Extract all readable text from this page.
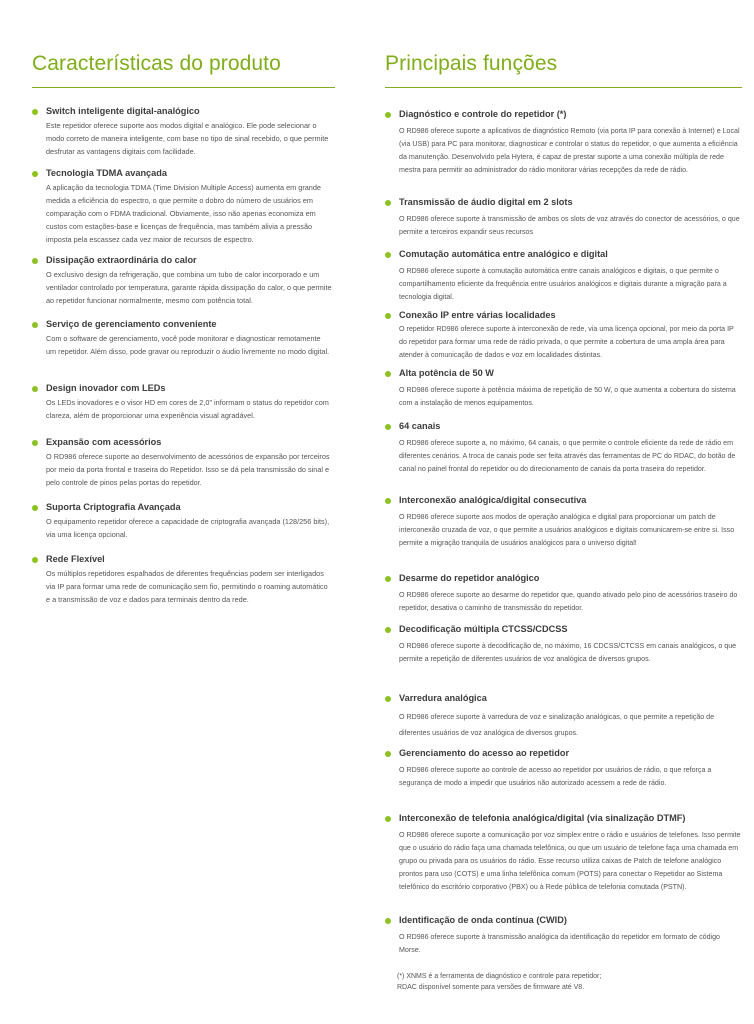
Características do produto
Switch inteligente digital-analógico
Este repetidor oferece suporte aos modos digital e analógico. Ele pode selecionar o modo correto de maneira inteligente, com base no tipo de sinal recebido, o que permite desfrutar as vantagens digitais com facilidade.
Tecnologia TDMA avançada
A aplicação da tecnologia TDMA (Time Division Multiple Access) aumenta em grande medida a eficiência do espectro, o que permite o dobro do número de usuários em comparação com o FDMA tradicional. Obviamente, isso não apenas economiza em custos com estações-base e licenças de frequência, mas também alivia a pressão imposta pela escassez cada vez maior de recursos de espectro.
Dissipação extraordinária do calor
O exclusivo design da refrigeração, que combina um tubo de calor incorporado e um ventilador controlado por temperatura, garante rápida dissipação do calor, o que permite ao repetidor funcionar normalmente, mesmo com potência total.
Serviço de gerenciamento conveniente
Com o software de gerenciamento, você pode monitorar e diagnosticar remotamente um repetidor. Além disso, pode gravar ou reproduzir o áudio livremente no modo digital.
Design inovador com LEDs
Os LEDs inovadores e o visor HD em cores de 2,0" informam o status do repetidor com clareza, além de proporcionar uma experiência visual agradável.
Expansão com acessórios
O RD986 oferece suporte ao desenvolvimento de acessórios de expansão por terceiros por meio da porta frontal e traseira do Repetidor. Isso se dá pela transmissão do sinal e pelo controle de pinos pelas portas do repetidor.
Suporta Criptografia Avançada
O equipamento repetidor oferece a capacidade de criptografia avançada (128/256 bits), via uma licença opcional.
Rede Flexível
Os múltiplos repetidores espalhados de diferentes frequências podem ser interligados via IP para formar uma rede de comunicação sem fio, permitindo o roaming automático e a transmissão de voz e dados para terminais dentro da rede.
Principais funções
Diagnóstico e controle do repetidor (*)
O RD986 oferece suporte a aplicativos de diagnóstico Remoto (via porta IP para conexão à Internet) e Local (via USB) para PC para monitorar, diagnosticar e controlar o status do repetidor, o que aumenta a eficiência da manutenção. Desenvolvido pela Hytera, é capaz de prestar suporte a uma conexão múltipla de rede mestra para permitir ao administrador do rádio monitorar várias recepções da rede de rádio.
Transmissão de áudio digital em 2 slots
O RD986 oferece suporte à transmissão de ambos os slots de voz através do conector de acessórios, o que permite a terceiros expandir seus recursos
Comutação automática entre analógico e digital
O RD986 oferece suporte à comutação automática entre canais analógicos e digitais, o que permite o compartilhamento eficiente da frequência entre usuários analógicos e digitais durante a migração para a tecnologia digital.
Conexão IP entre várias localidades
O repetidor RD986 oferece suporte à interconexão de rede, via uma licença opcional, por meio da porta IP do repetidor para formar uma rede de rádio privada, o que permite a cobertura de uma ampla área para atender à comunicação de dados e voz em localidades distintas.
Alta potência de 50 W
O RD986 oferece suporte à potência máxima de repetição de 50 W, o que aumenta a cobertura do sistema com a instalação de menos equipamentos.
64 canais
O RD986 oferece suporte a, no máximo, 64 canais, o que permite o controle eficiente da rede de rádio em diferentes cenários. A troca de canais pode ser feita através das ferramentas de PC do RDAC, do botão de canal no painel frontal do repetidor ou do direcionamento de canais da porta traseira do repetidor.
Interconexão analógica/digital consecutiva
O RD986 oferece suporte aos modos de operação analógica e digital para proporcionar um patch de interconexão cruzada de voz, o que permite a usuários analógicos e digitais comunicarem-se entre si. Isso permite a migração tranquila de usuários analógicos para o universo digital!
Desarme do repetidor analógico
O RD986 oferece suporte ao desarme do repetidor que, quando ativado pelo pino de acessórios traseiro do repetidor, desativa o caminho de transmissão do repetidor.
Decodificação múltipla CTCSS/CDCSS
O RD986 oferece suporte à decodificação de, no máximo, 16 CDCSS/CTCSS em canais analógicos, o que permite a repetição de diferentes usuários de voz analógica de diversos grupos.
Varredura analógica
O RD986 oferece suporte à varredura de voz e sinalização analógicas, o que permite a repetição de diferentes usuários de voz analógica de diversos grupos.
Gerenciamento do acesso ao repetidor
O RD986 oferece suporte ao controle de acesso ao repetidor por usuários de rádio, o que reforça a segurança de modo a impedir que usuários não autorizado acessem a rede de rádio.
Interconexão de telefonia analógica/digital (via sinalização DTMF)
O RD986 oferece suporte a comunicação por voz simplex entre o rádio e usuários de telefones. Isso permite que o usuário do rádio faça uma chamada telefônica, ou que um usuário de telefone faça uma chamada em grupo ou privada para os usuários do rádio. Esse recurso utiliza caixas de Patch de telefone analógico prontos para uso (COTS) e uma linha telefônica comum (POTS) para conectar o Repetidor ao Sistema telefônico do escritório corporativo (PBX) ou à Rede pública de telefonia comutada (PSTN).
Identificação de onda contínua (CWID)
O RD986 oferece suporte à transmissão analógica da identificação do repetidor em formato de código Morse.
(*) XNMS é a ferramenta de diagnóstico e controle para repetidor;
RDAC disponível somente para versões de firmware até V8.
